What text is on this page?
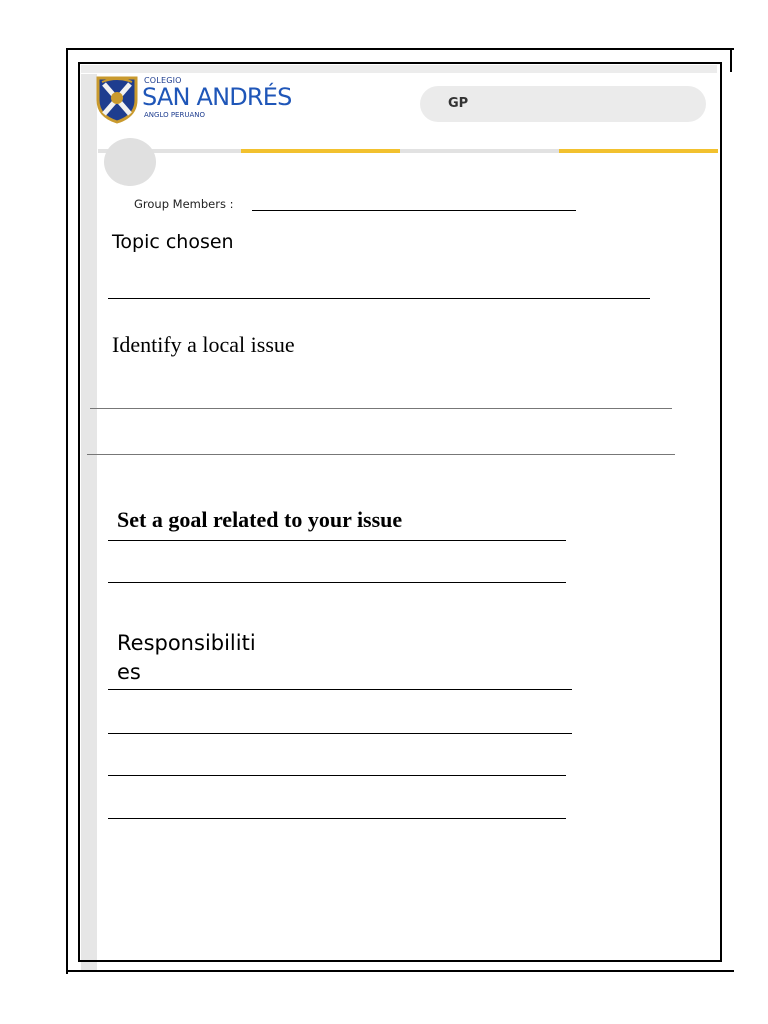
COLEGIO
SAN ANDRÉS
ANGLO PERUANO
GP
Group Members :
Topic chosen
Identify a local issue
Set a goal related to your issue
Responsibiliti
es
